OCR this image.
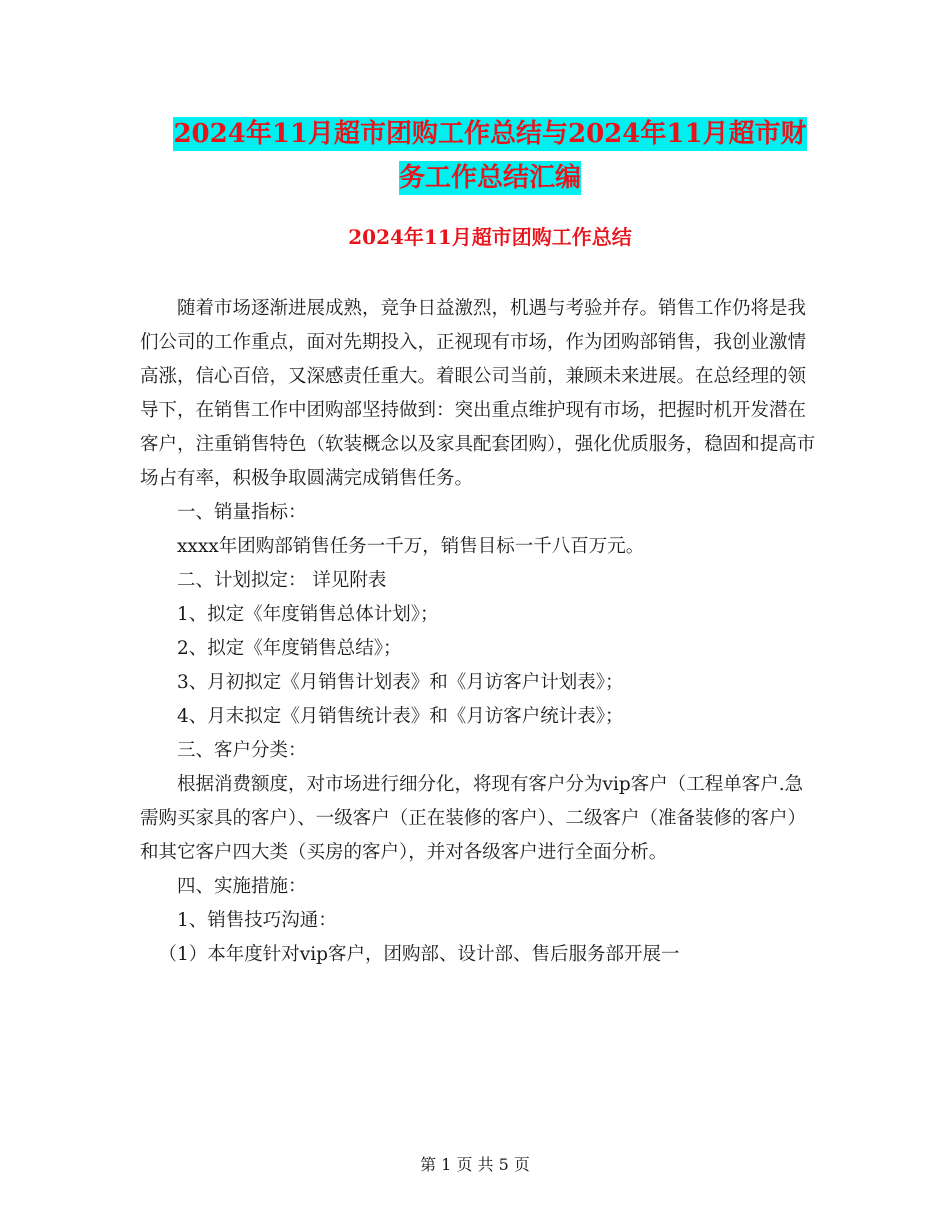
2024年11月超市团购工作总结与2024年11月超市财
务工作总结汇编
2024年11月超市团购工作总结

随着市场逐渐进展成熟，竞争日益激烈，机遇与考验并存。销售工作仍将是我们公司的工作重点，面对先期投入，正视现有市场，作为团购部销售，我创业激情高涨，信心百倍，又深感责任重大。着眼公司当前，兼顾未来进展。在总经理的领导下，在销售工作中团购部坚持做到：突出重点维护现有市场，把握时机开发潜在客户，注重销售特色（软装概念以及家具配套团购），强化优质服务，稳固和提高市场占有率，积极争取圆满完成销售任务。

一、销量指标：

xxxx年团购部销售任务一千万，销售目标一千八百万元。

二、计划拟定： 详见附表

1、拟定《年度销售总体计划》；

2、拟定《年度销售总结》；

3、月初拟定《月销售计划表》和《月访客户计划表》；

4、月末拟定《月销售统计表》和《月访客户统计表》；

三、客户分类：

根据消费额度，对市场进行细分化，将现有客户分为vip客户（工程单客户.急需购买家具的客户）、一级客户（正在装修的客户）、二级客户（准备装修的客户）和其它客户四大类（买房的客户），并对各级客户进行全面分析。

四、实施措施：

1、销售技巧沟通：

（1）本年度针对vip客户，团购部、设计部、售后服务部开展一

第 1 页 共 5 页
